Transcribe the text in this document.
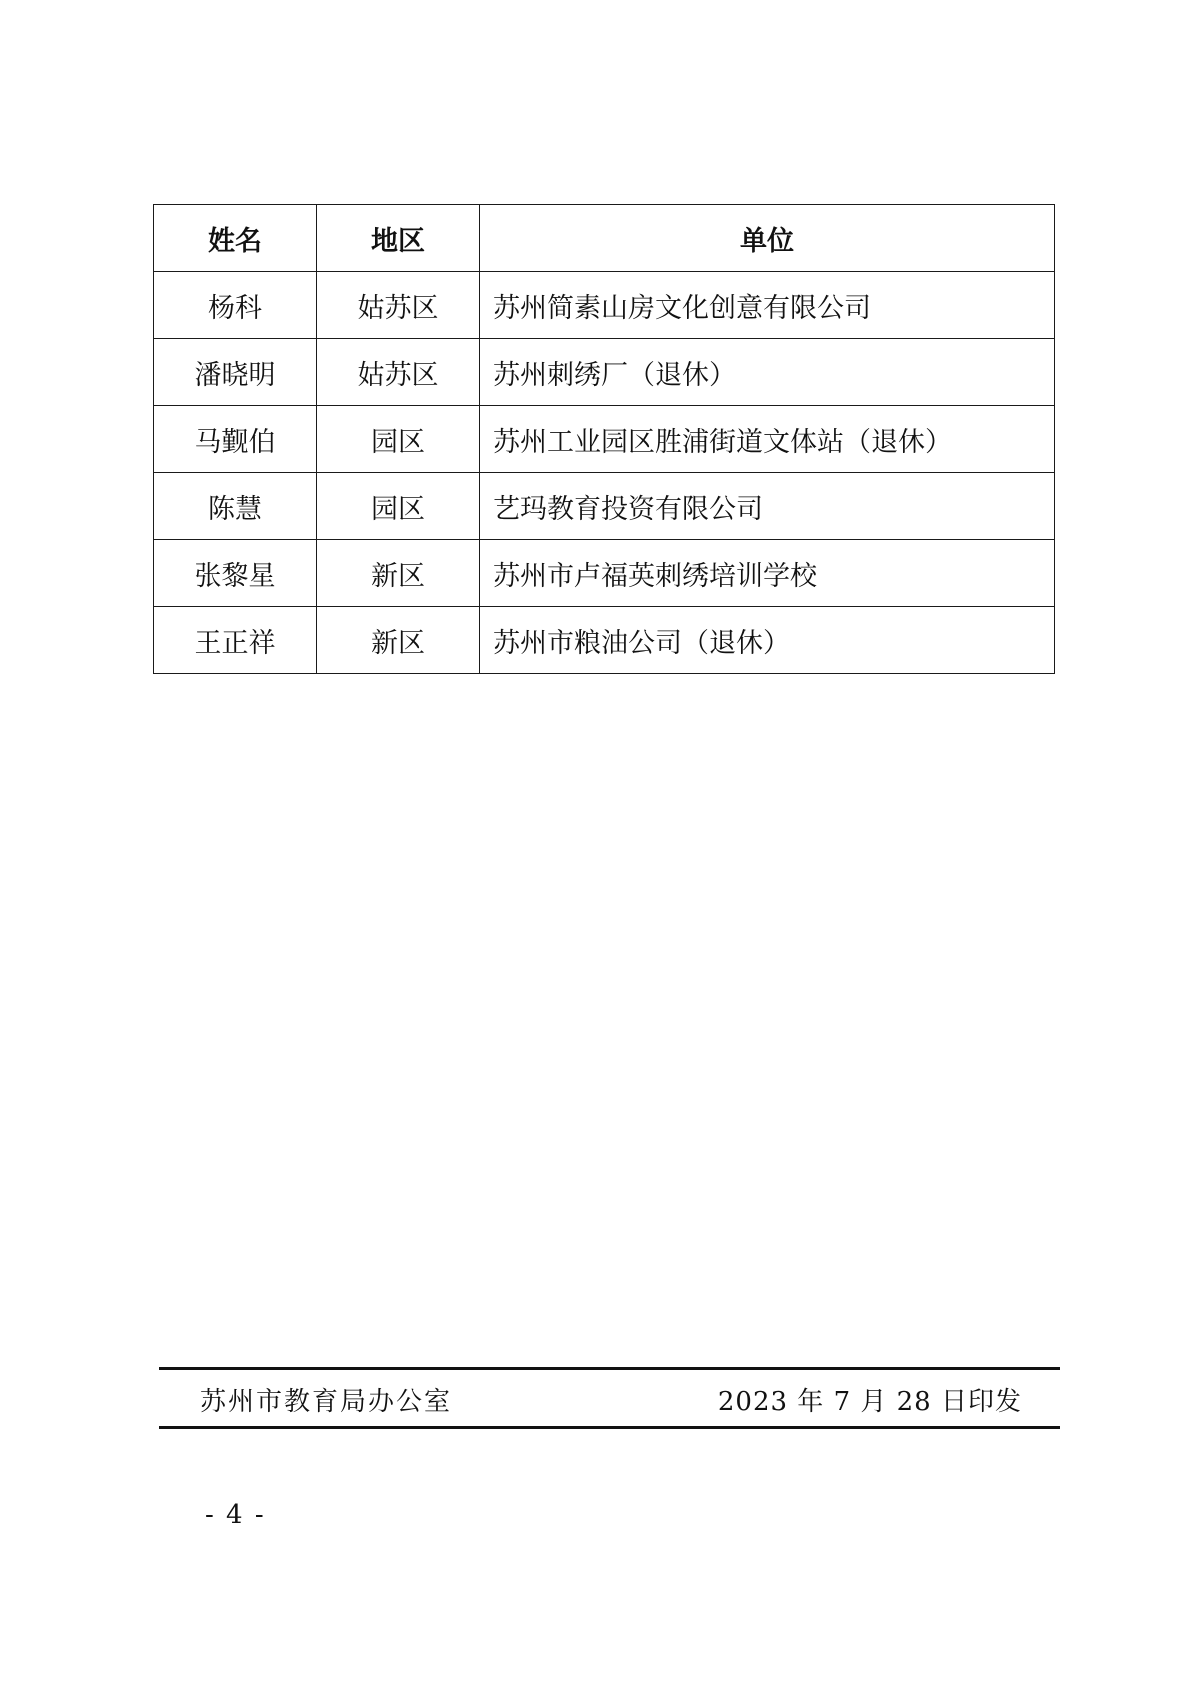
姓名	地区	单位
杨科	姑苏区	苏州简素山房文化创意有限公司
潘晓明	姑苏区	苏州刺绣厂（退休）
马觐伯	园区	苏州工业园区胜浦街道文体站（退休）
陈慧	园区	艺玛教育投资有限公司
张黎星	新区	苏州市卢福英刺绣培训学校
王正祥	新区	苏州市粮油公司（退休）
苏州市教育局办公室	2023 年 7 月 28 日印发
- 4 -
